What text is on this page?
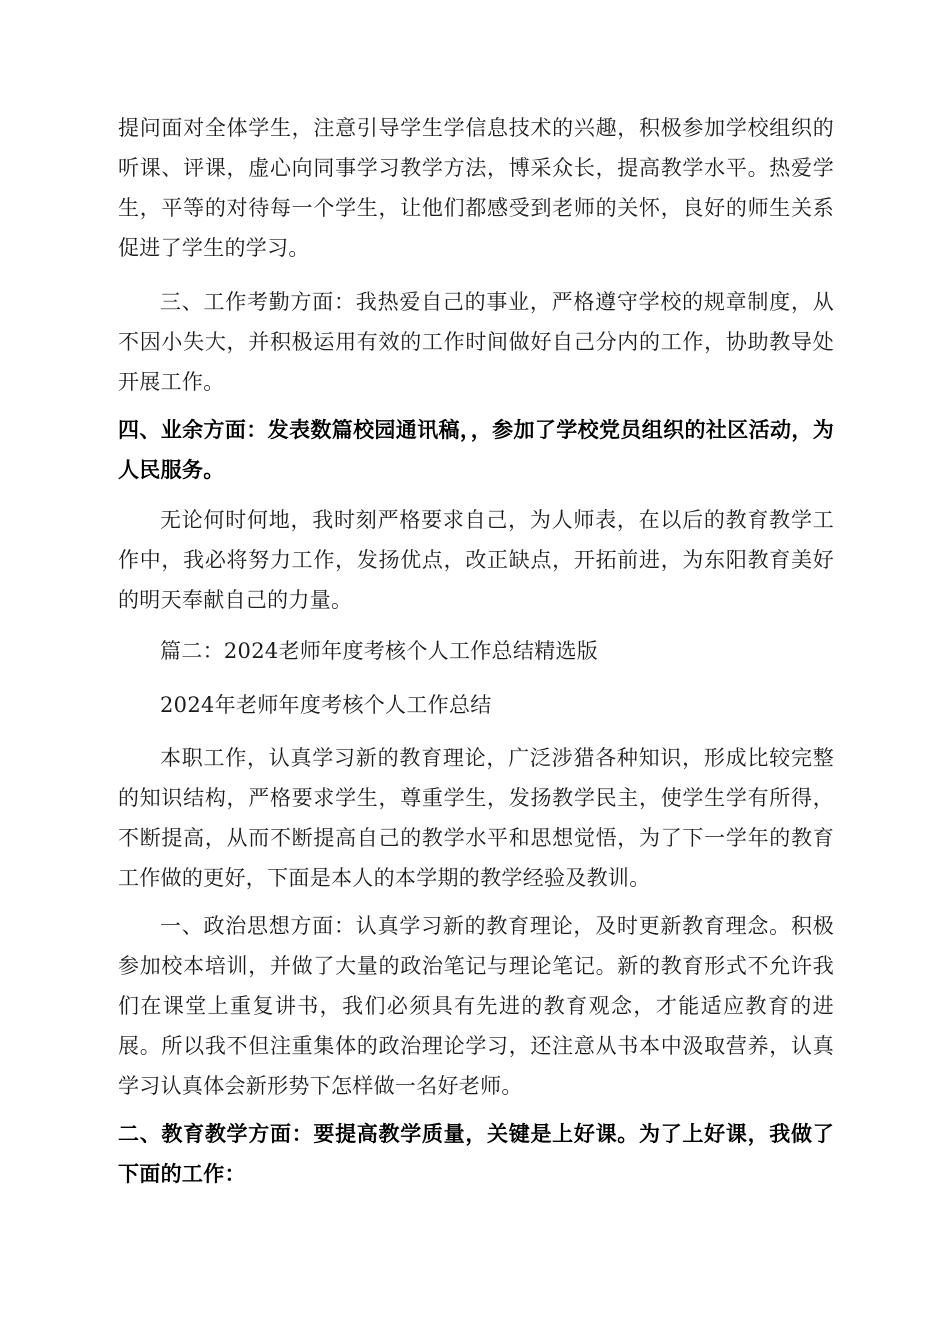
提问面对全体学生，注意引导学生学信息技术的兴趣，积极参加学校组织的听课、评课，虚心向同事学习教学方法，博采众长，提高教学水平。热爱学生，平等的对待每一个学生，让他们都感受到老师的关怀，良好的师生关系促进了学生的学习。

三、工作考勤方面：我热爱自己的事业，严格遵守学校的规章制度，从不因小失大，并积极运用有效的工作时间做好自己分内的工作，协助教导处开展工作。

四、业余方面：发表数篇校园通讯稿，，参加了学校党员组织的社区活动，为人民服务。

无论何时何地，我时刻严格要求自己，为人师表，在以后的教育教学工作中，我必将努力工作，发扬优点，改正缺点，开拓前进，为东阳教育美好的明天奉献自己的力量。

篇二：2024老师年度考核个人工作总结精选版

2024年老师年度考核个人工作总结

本职工作，认真学习新的教育理论，广泛涉猎各种知识，形成比较完整的知识结构，严格要求学生，尊重学生，发扬教学民主，使学生学有所得，不断提高，从而不断提高自己的教学水平和思想觉悟，为了下一学年的教育工作做的更好，下面是本人的本学期的教学经验及教训。

一、政治思想方面：认真学习新的教育理论，及时更新教育理念。积极参加校本培训，并做了大量的政治笔记与理论笔记。新的教育形式不允许我们在课堂上重复讲书，我们必须具有先进的教育观念，才能适应教育的进展。所以我不但注重集体的政治理论学习，还注意从书本中汲取营养，认真学习认真体会新形势下怎样做一名好老师。

二、教育教学方面：要提高教学质量，关键是上好课。为了上好课，我做了下面的工作：
